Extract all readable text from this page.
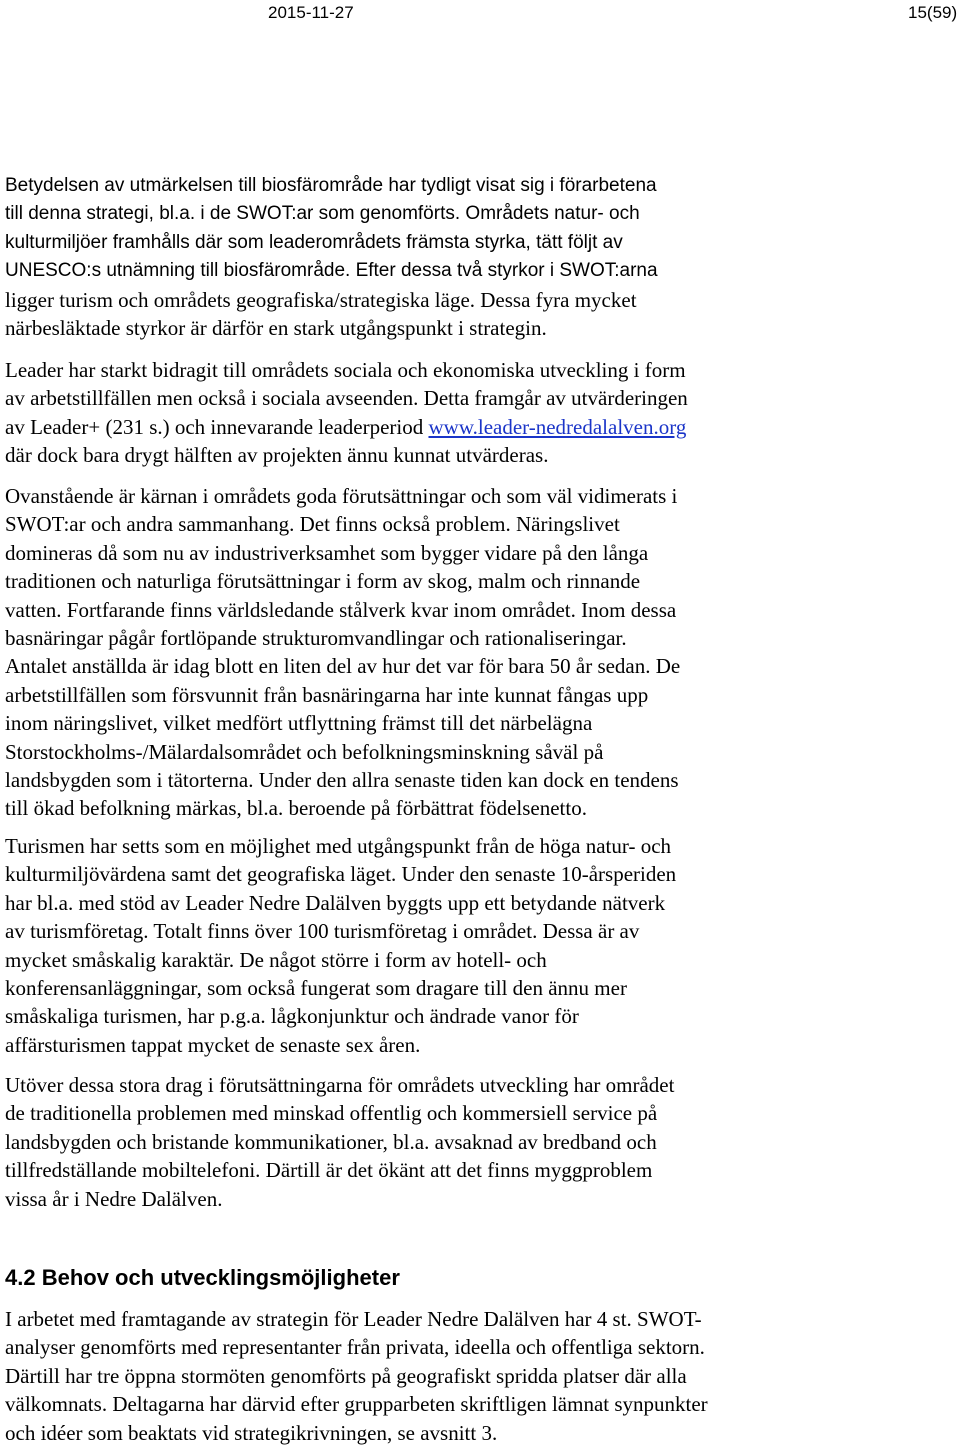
2015-11-27	15(59)
Betydelsen av utmärkelsen till biosfärområde har tydligt visat sig i förarbetena
till denna strategi, bl.a. i de SWOT:ar som genomförts. Områdets natur- och
kulturmiljöer framhålls där som leaderområdets främsta styrka, tätt följt av
UNESCO:s utnämning till biosfärområde. Efter dessa två styrkor i SWOT:arna
ligger turism och områdets geografiska/strategiska läge. Dessa fyra mycket
närbesläktade styrkor är därför en stark utgångspunkt i strategin.
Leader har starkt bidragit till områdets sociala och ekonomiska utveckling i form
av arbetstillfällen men också i sociala avseenden. Detta framgår av utvärderingen
av Leader+ (231 s.) och innevarande leaderperiod www.leader-nedredalalven.org
där dock bara drygt hälften av projekten ännu kunnat utvärderas.
Ovanstående är kärnan i områdets goda förutsättningar och som väl vidimerats i
SWOT:ar och andra sammanhang. Det finns också problem. Näringslivet
domineras då som nu av industriverksamhet som bygger vidare på den långa
traditionen och naturliga förutsättningar i form av skog, malm och rinnande
vatten. Fortfarande finns världsledande stålverk kvar inom området. Inom dessa
basnäringar pågår fortlöpande strukturomvandlingar och rationaliseringar.
Antalet anställda är idag blott en liten del av hur det var för bara 50 år sedan. De
arbetstillfällen som försvunnit från basnäringarna har inte kunnat fångas upp
inom näringslivet, vilket medfört utflyttning främst till det närbelägna
Storstockholms-/Mälardalsområdet och befolkningsminskning såväl på
landsbygden som i tätorterna. Under den allra senaste tiden kan dock en tendens
till ökad befolkning märkas, bl.a. beroende på förbättrat födelsenetto.
Turismen har setts som en möjlighet med utgångspunkt från de höga natur- och
kulturmiljövärdena samt det geografiska läget. Under den senaste 10-årsperiden
har bl.a. med stöd av Leader Nedre Dalälven byggts upp ett betydande nätverk
av turismföretag. Totalt finns över 100 turismföretag i området. Dessa är av
mycket småskalig karaktär. De något större i form av hotell- och
konferensanläggningar, som också fungerat som dragare till den ännu mer
småskaliga turismen, har p.g.a. lågkonjunktur och ändrade vanor för
affärsturismen tappat mycket de senaste sex åren.
Utöver dessa stora drag i förutsättningarna för områdets utveckling har området
de traditionella problemen med minskad offentlig och kommersiell service på
landsbygden och bristande kommunikationer, bl.a. avsaknad av bredband och
tillfredställande mobiltelefoni. Därtill är det ökänt att det finns myggproblem
vissa år i Nedre Dalälven.
4.2 Behov och utvecklingsmöjligheter
I arbetet med framtagande av strategin för Leader Nedre Dalälven har 4 st. SWOT-
analyser genomförts med representanter från privata, ideella och offentliga sektorn.
Därtill har tre öppna stormöten genomförts på geografiskt spridda platser där alla
välkomnats. Deltagarna har därvid efter grupparbeten skriftligen lämnat synpunkter
och idéer som beaktats vid strategikrivningen, se avsnitt 3.
